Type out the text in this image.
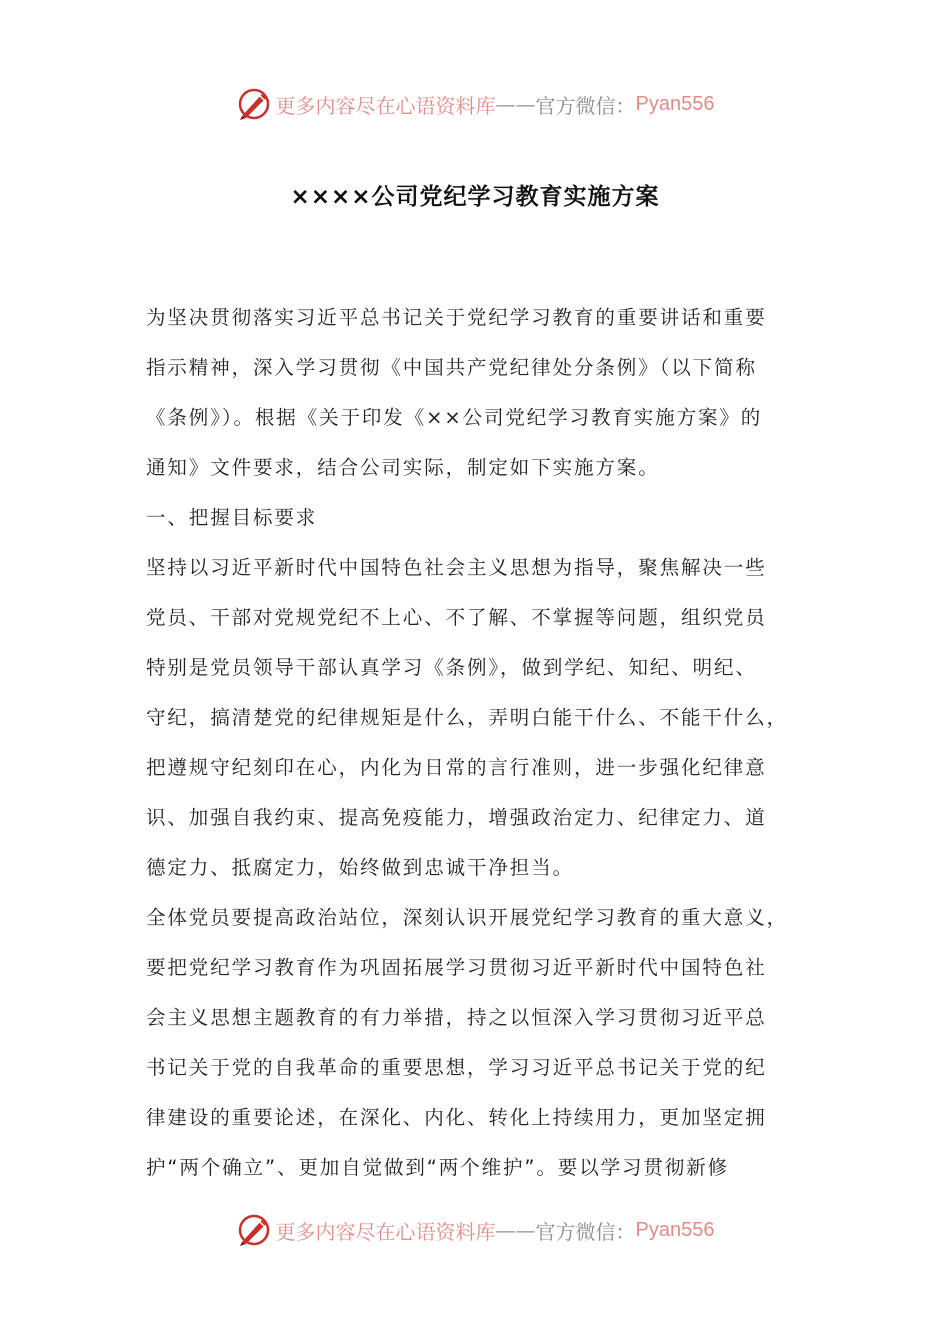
更多内容尽在心语资料库 —— 官方微信： Pyan556
××××公司党纪学习教育实施方案
为坚决贯彻落实习近平总书记关于党纪学习教育的重要讲话和重要
指示精神，深入学习贯彻《中国共产党纪律处分条例》（以下简称
《条例》）。根据《关于印发《××公司党纪学习教育实施方案》的
通知》文件要求，结合公司实际，制定如下实施方案。
一、把握目标要求
坚持以习近平新时代中国特色社会主义思想为指导，聚焦解决一些
党员、干部对党规党纪不上心、不了解、不掌握等问题，组织党员
特别是党员领导干部认真学习《条例》，做到学纪、知纪、明纪、
守纪，搞清楚党的纪律规矩是什么，弄明白能干什么、不能干什么，
把遵规守纪刻印在心，内化为日常的言行准则，进一步强化纪律意
识、加强自我约束、提高免疫能力，增强政治定力、纪律定力、道
德定力、抵腐定力，始终做到忠诚干净担当。
全体党员要提高政治站位，深刻认识开展党纪学习教育的重大意义，
要把党纪学习教育作为巩固拓展学习贯彻习近平新时代中国特色社
会主义思想主题教育的有力举措，持之以恒深入学习贯彻习近平总
书记关于党的自我革命的重要思想，学习习近平总书记关于党的纪
律建设的重要论述，在深化、内化、转化上持续用力，更加坚定拥
护“两个确立”、更加自觉做到“两个维护”。要以学习贯彻新修
更多内容尽在心语资料库 —— 官方微信： Pyan556
